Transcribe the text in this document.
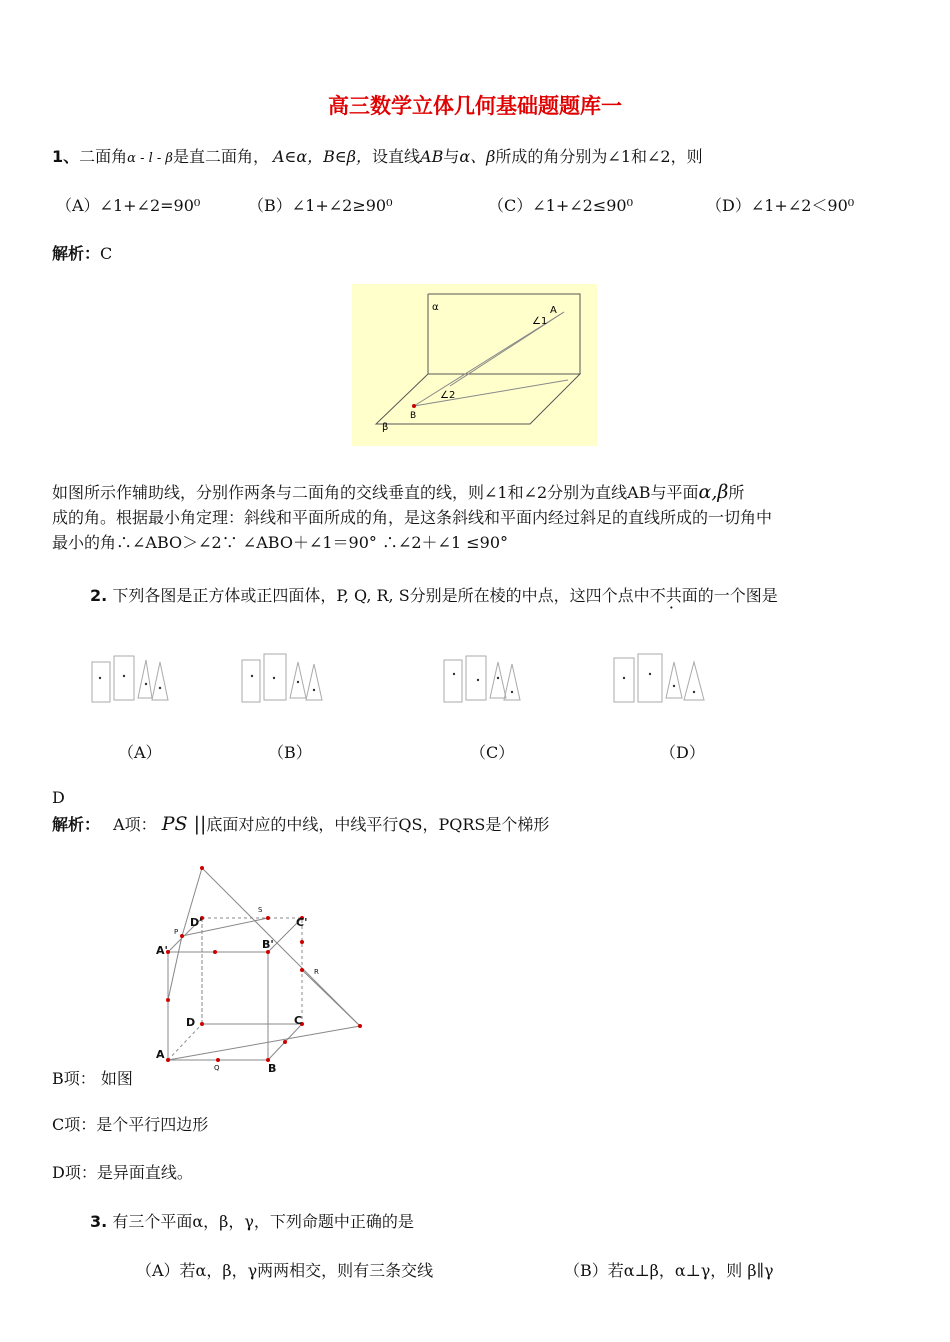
高三数学立体几何基础题题库一
1、二面角α - l - β是直二面角， A∈α，B∈β，设直线AB与α、β所成的角分别为∠1和∠2，则
（A）∠1+∠2=90⁰	（B）∠1+∠2≥90⁰	（C）∠1+∠2≤90⁰	（D）∠1+∠2＜90⁰
解析：C
α	A
∠1
∠2
B
β
如图所示作辅助线，分别作两条与二面角的交线垂直的线，则∠1和∠2分别为直线AB与平面α,β所
成的角。根据最小角定理：斜线和平面所成的角，是这条斜线和平面内经过斜足的直线所成的一切角中
最小的角∴∠ABO＞∠2∵ ∠ABO＋∠1＝90° ∴∠2＋∠1 ≤90°
2. 下列各图是正方体或正四面体，P, Q, R, S分别是所在棱的中点，这四个点中不共面的一个图是
（A）	（B）	（C）	（D）
D
解析： A项： PS ||底面对应的中线，中线平行QS，PQRS是个梯形
D'	C'
A'	B'
D	C
A
B
P
Q
R
S
B项： 如图
C项：是个平行四边形
D项：是异面直线。
3. 有三个平面α，β，γ，下列命题中正确的是
（A）若α，β，γ两两相交，则有三条交线	（B）若α⊥β，α⊥γ，则 β∥γ
